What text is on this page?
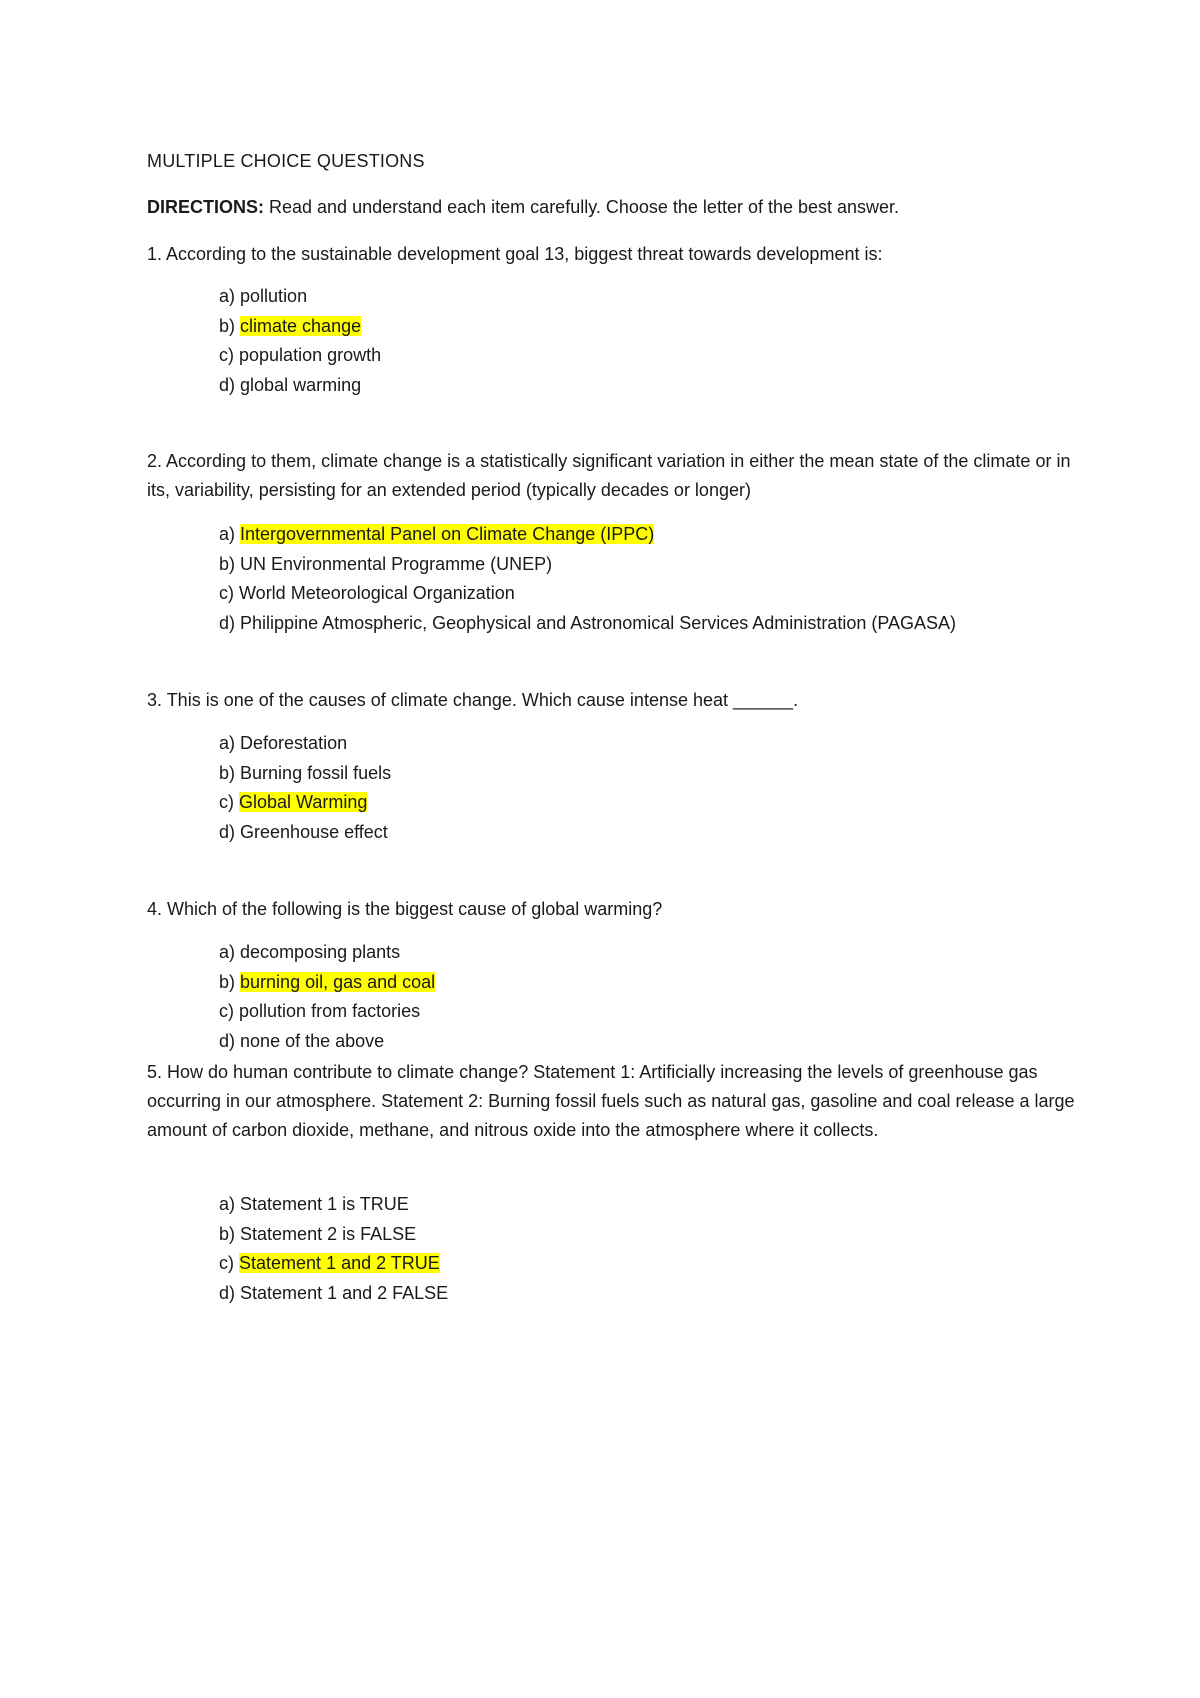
MULTIPLE CHOICE QUESTIONS
DIRECTIONS: Read and understand each item carefully. Choose the letter of the best answer.
1. According to the sustainable development goal 13, biggest threat towards development is:
a) pollution
b) climate change
c) population growth
d) global warming
2. According to them, climate change is a statistically significant variation in either the mean state of the climate or in its, variability, persisting for an extended period (typically decades or longer)
a) Intergovernmental Panel on Climate Change (IPPC)
b) UN Environmental Programme (UNEP)
c) World Meteorological Organization
d) Philippine Atmospheric, Geophysical and Astronomical Services Administration (PAGASA)
3. This is one of the causes of climate change. Which cause intense heat ______.
a) Deforestation
b) Burning fossil fuels
c) Global Warming
d) Greenhouse effect
4. Which of the following is the biggest cause of global warming?
a) decomposing plants
b) burning oil, gas and coal
c) pollution from factories
d) none of the above
5. How do human contribute to climate change? Statement 1: Artificially increasing the levels of greenhouse gas occurring in our atmosphere. Statement 2: Burning fossil fuels such as natural gas, gasoline and coal release a large amount of carbon dioxide, methane, and nitrous oxide into the atmosphere where it collects.
a) Statement 1 is TRUE
b) Statement 2 is FALSE
c) Statement 1 and 2 TRUE
d) Statement 1 and 2 FALSE
